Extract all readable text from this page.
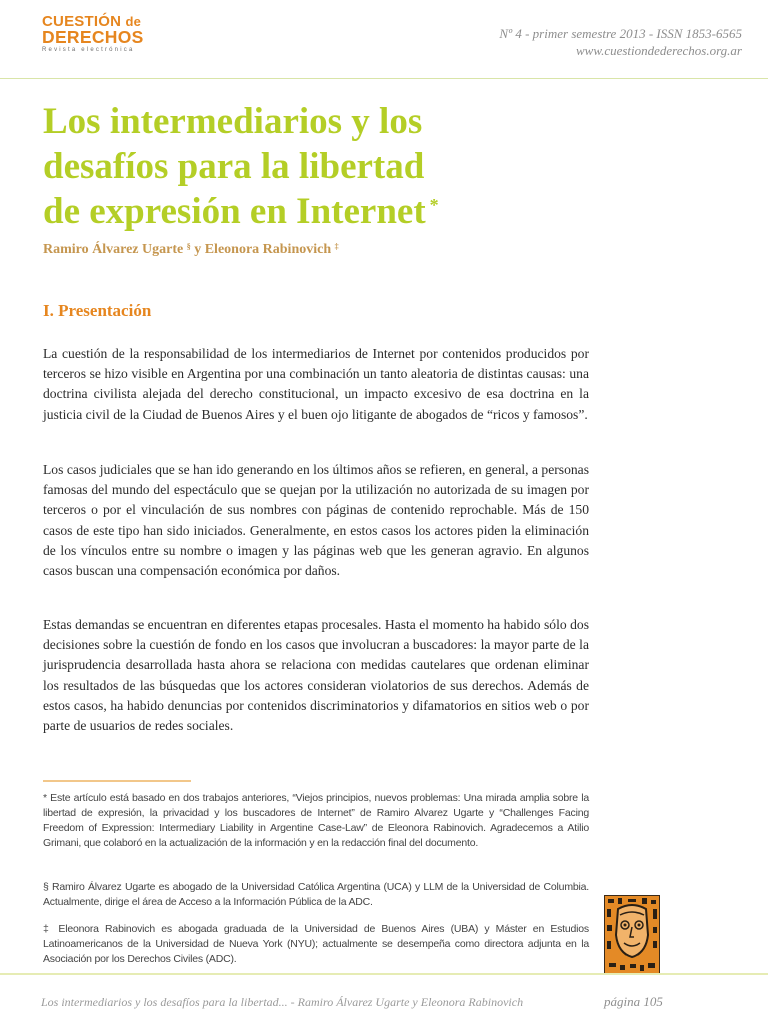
CUESTIÓN de
DERECHOS
Revista electrónica
Nº 4 - primer semestre 2013 - ISSN 1853-6565
www.cuestiondederechos.org.ar
Los intermediarios y los
desafíos para la libertad
de expresión en Internet *
Ramiro Álvarez Ugarte § y Eleonora Rabinovich ‡
I. Presentación

La cuestión de la responsabilidad de los intermediarios de Internet por contenidos producidos por terceros se hizo visible en Argentina por una combinación un tanto aleatoria de distintas causas: una doctrina civilista alejada del derecho constitucional, un impacto excesivo de esa doctrina en la justicia civil de la Ciudad de Buenos Aires y el buen ojo litigante de abogados de “ricos y famosos”.

Los casos judiciales que se han ido generando en los últimos años se refieren, en general, a personas famosas del mundo del espectáculo que se quejan por la utilización no autorizada de su imagen por terceros o por el vinculación de sus nombres con páginas de contenido reprochable. Más de 150 casos de este tipo han sido iniciados. Generalmente, en estos casos los actores piden la eliminación de los vínculos entre su nombre o imagen y las páginas web que les generan agravio. En algunos casos buscan una compensación económica por daños.

Estas demandas se encuentran en diferentes etapas procesales. Hasta el momento ha habido sólo dos decisiones sobre la cuestión de fondo en los casos que involucran a buscadores: la mayor parte de la jurisprudencia desarrollada hasta ahora se relaciona con medidas cautelares que ordenan eliminar los resultados de las búsquedas que los actores consideran violatorios de sus derechos. Además de estos casos, ha habido denuncias por contenidos discriminatorios y difamatorios en sitios web o por parte de usuarios de redes sociales.

* Este artículo está basado en dos trabajos anteriores, “Viejos principios, nuevos problemas: Una mirada amplia sobre la libertad de expresión, la privacidad y los buscadores de Internet” de Ramiro Alvarez Ugarte y “Challenges Facing Freedom of Expression: Intermediary Liability in Argentine Case-Law” de Eleonora Rabinovich. Agradecemos a Atilio Grimani, que colaboró en la actualización de la información y en la redacción final del documento.

§ Ramiro Álvarez Ugarte es abogado de la Universidad Católica Argentina (UCA) y LLM de la Universidad de Columbia. Actualmente, dirige el área de Acceso a la Información Pública de la ADC.

‡ Eleonora Rabinovich es abogada graduada de la Universidad de Buenos Aires (UBA) y Máster en Estudios Latinoamericanos de la Universidad de Nueva York (NYU); actualmente se desempeña como directora adjunta en la Asociación por los Derechos Civiles (ADC).

Los intermediarios y los desafíos para la libertad... - Ramiro Álvarez Ugarte y Eleonora Rabinovich	página 105
